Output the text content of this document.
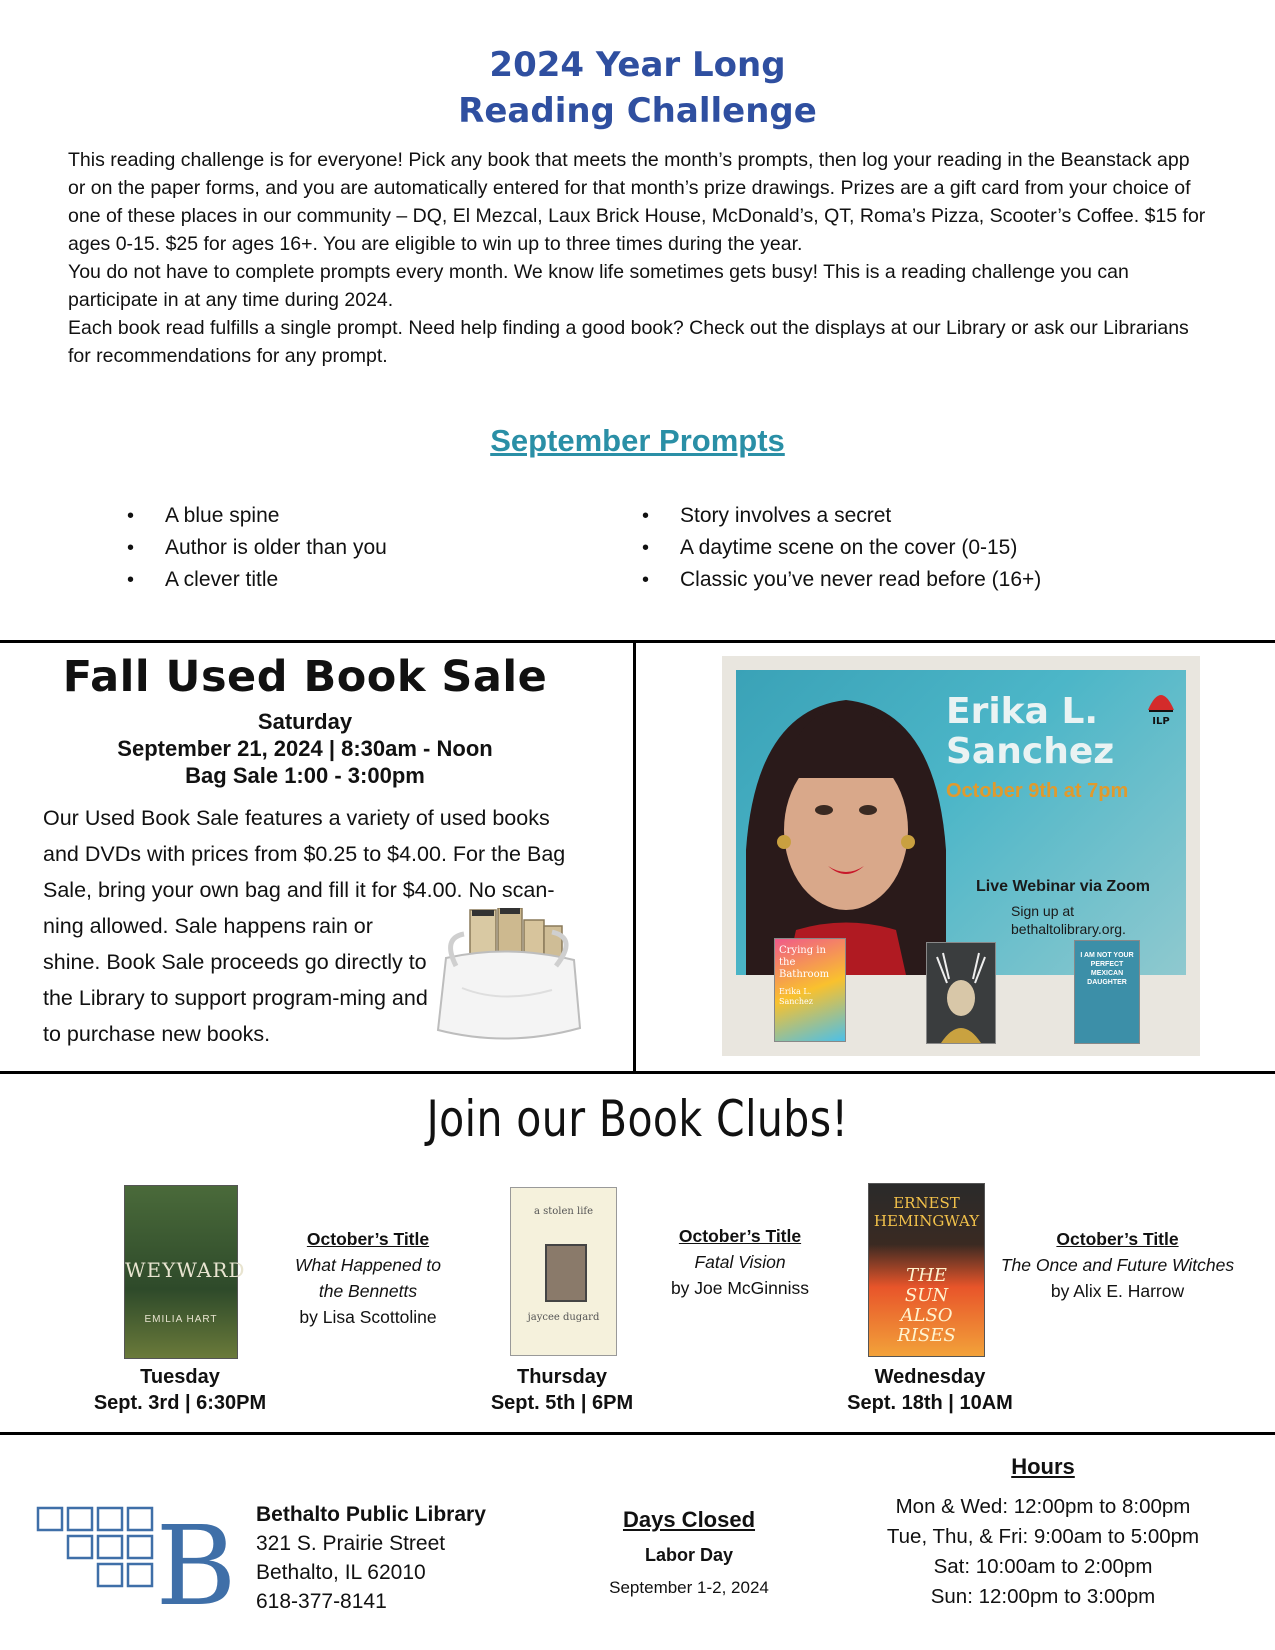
2024 Year Long
Reading Challenge

This reading challenge is for everyone! Pick any book that meets the month’s prompts, then log your reading in the Beanstack app or on the paper forms, and you are automatically entered for that month’s prize drawings. Prizes are a gift card from your choice of one of these places in our community – DQ, El Mezcal, Laux Brick House, McDonald’s, QT, Roma’s Pizza, Scooter’s Coffee. $15 for ages 0-15. $25 for ages 16+. You are eligible to win up to three times during the year.

You do not have to complete prompts every month. We know life sometimes gets busy! This is a reading challenge you can participate in at any time during 2024.

Each book read fulfills a single prompt. Need help finding a good book? Check out the displays at our Library or ask our Librarians for recommendations for any prompt.

September Prompts
• A blue spine
• Author is older than you
• A clever title
• Story involves a secret
• A daytime scene on the cover (0-15)
• Classic you’ve never read before (16+)
Fall Used Book Sale
Saturday
September 21, 2024 | 8:30am - Noon
Bag Sale 1:00 - 3:00pm
Our Used Book Sale features a variety of used books and DVDs with prices from $0.25 to $4.00. For the Bag Sale, bring your own bag and fill it for $4.00. No scan-
ning allowed. Sale happens rain or shine. Book Sale proceeds go directly to the Library to support program-ming and to purchase new books.
Erika L.
Sanchez
October 9th at 7pm
Live Webinar via Zoom
Sign up at
bethaltolibrary.org.
ILP
Crying in the Bathroom
Erika L. Sanchez
I AM NOT YOUR PERFECT MEXICAN DAUGHTER
Join our Book Clubs!
WEYWARD
EMILIA HART
October’s Title
What Happened to
the Bennetts
by Lisa Scottoline
Tuesday
Sept. 3rd | 6:30PM
a stolen life
jaycee dugard
October’s Title
Fatal Vision
by Joe McGinniss
Thursday
Sept. 5th | 6PM
ERNEST
HEMINGWAY
THE
SUN
ALSO RISES
October’s Title
The Once and Future Witches
by Alix E. Harrow
Wednesday
Sept. 18th | 10AM
B Bethalto Public Library
321 S. Prairie Street
Bethalto, IL 62010
618-377-8141
Days Closed
Labor Day
September 1-2, 2024
Hours
Mon & Wed: 12:00pm to 8:00pm
Tue, Thu, & Fri: 9:00am to 5:00pm
Sat: 10:00am to 2:00pm
Sun: 12:00pm to 3:00pm
